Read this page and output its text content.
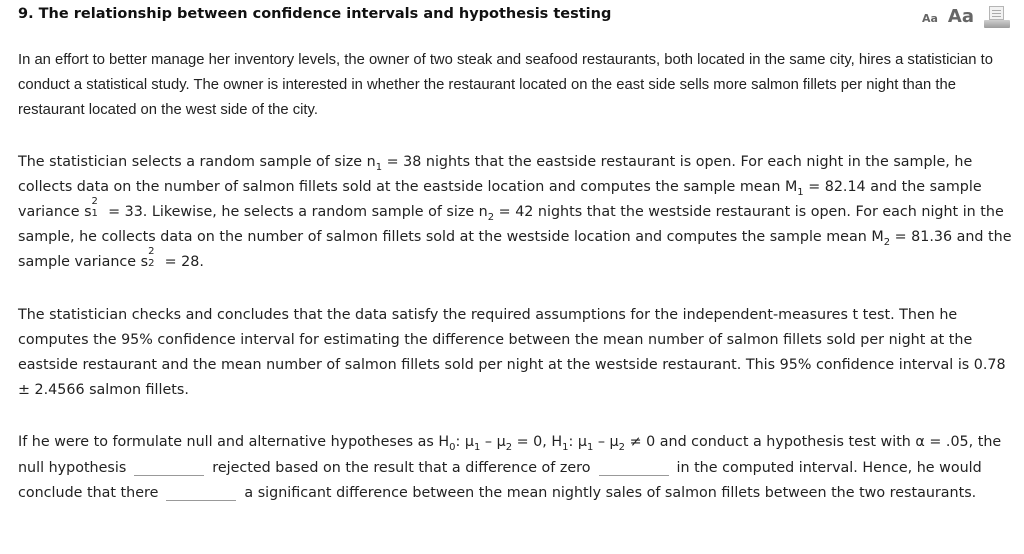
9. The relationship between confidence intervals and hypothesis testing	Aa Aa

In an effort to better manage her inventory levels, the owner of two steak and seafood restaurants, both located in the same city, hires a statistician to conduct a statistical study. The owner is interested in whether the restaurant located on the east side sells more salmon fillets per night than the restaurant located on the west side of the city.

The statistician selects a random sample of size $n_1 = 38$ nights that the eastside restaurant is open. For each night in the sample, he collects data on the number of salmon fillets sold at the eastside location and computes the sample mean $M_1 = 82.14$ and the sample variance s
2
1 = 33. Likewise, he selects a random sample of size $n_2 = 42$ nights that the westside restaurant is open. For each night in the sample, he collects data on the number of salmon fillets sold at the westside location and computes the sample mean $M_2 = 81.36$ and the sample variance s
2
2 = 28.

The statistician checks and concludes that the data satisfy the required assumptions for the independent-measures t test. Then he computes the 95% confidence interval for estimating the difference between the mean number of salmon fillets sold per night at the eastside restaurant and the mean number of salmon fillets sold per night at the westside restaurant. This 95% confidence interval is 0.78 ± 2.4566 salmon fillets.

If he were to formulate null and alternative hypotheses as $H_0$: $\mu_1 - \mu_2 = 0$, $H_1$: $\mu_1 - \mu_2 \ne 0$ and conduct a hypothesis test with α = .05, the null hypothesis	rejected based on the result that a difference of zero	in the computed interval. Hence, he would conclude that there	a significant difference between the mean nightly sales of salmon fillets between the two restaurants.
